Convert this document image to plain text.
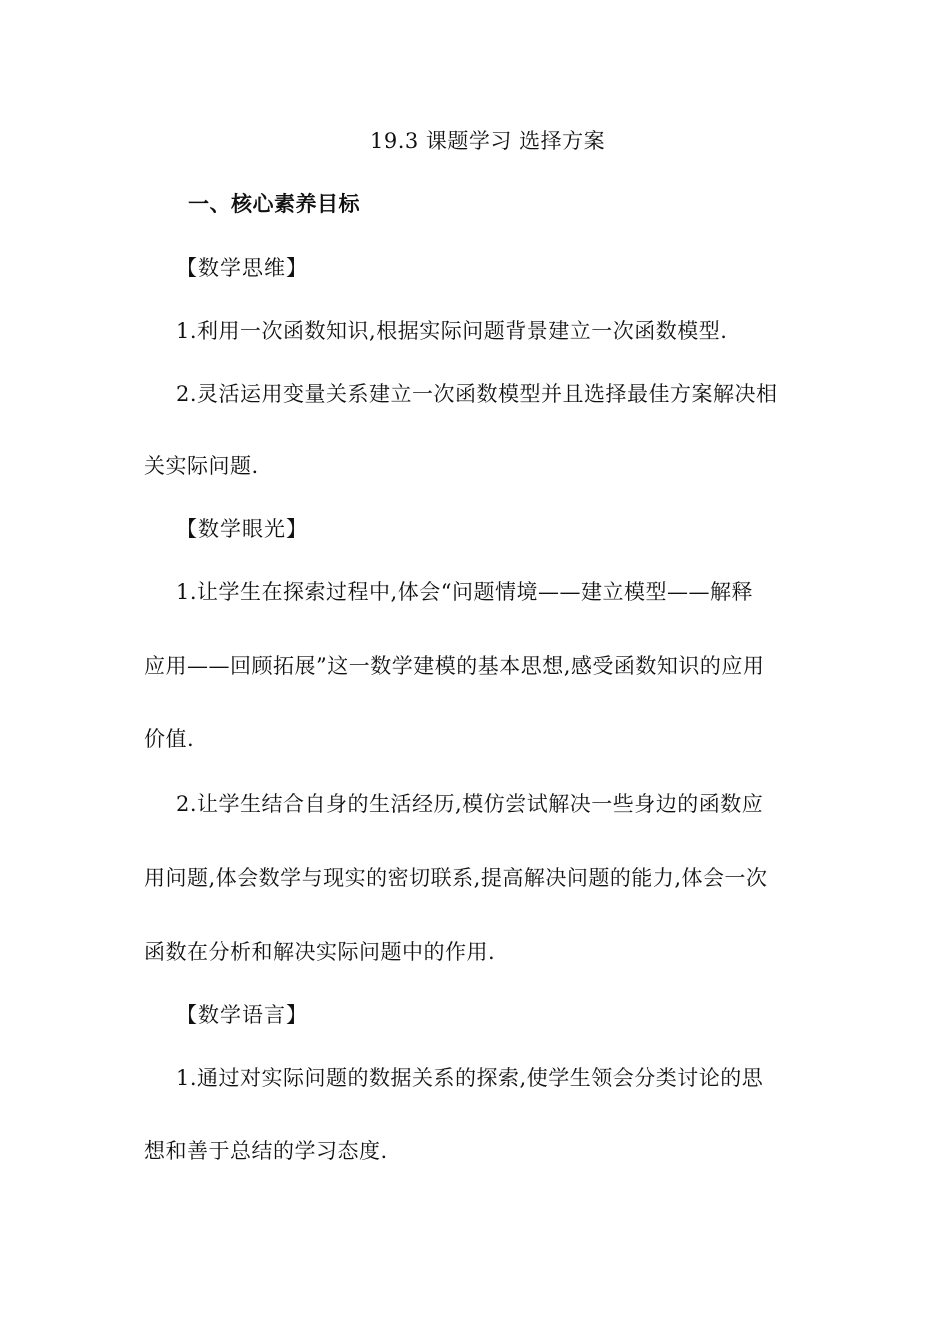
19.3 课题学习 选择方案
一、核心素养目标
【数学思维】
1.利用一次函数知识,根据实际问题背景建立一次函数模型.
2.灵活运用变量关系建立一次函数模型并且选择最佳方案解决相
关实际问题.
【数学眼光】
1.让学生在探索过程中,体会“问题情境——建立模型——解释
应用——回顾拓展”这一数学建模的基本思想,感受函数知识的应用
价值.
2.让学生结合自身的生活经历,模仿尝试解决一些身边的函数应
用问题,体会数学与现实的密切联系,提高解决问题的能力,体会一次
函数在分析和解决实际问题中的作用.
【数学语言】
1.通过对实际问题的数据关系的探索,使学生领会分类讨论的思
想和善于总结的学习态度.
